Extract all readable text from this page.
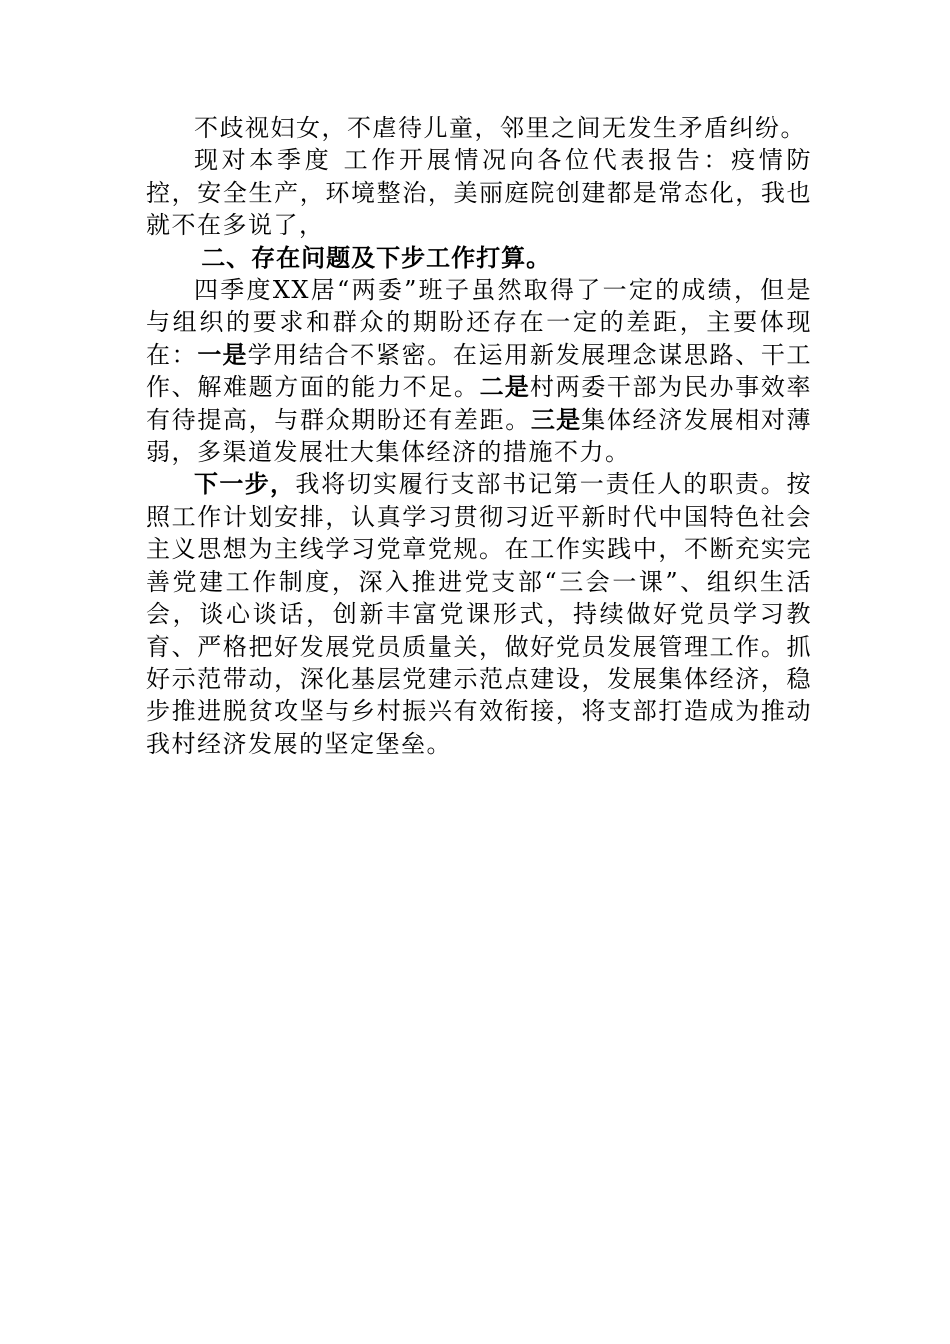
不歧视妇女，不虐待儿童，邻里之间无发生矛盾纠纷。

现对本季度 工作开展情况向各位代表报告：疫情防控，安全生产，环境整治，美丽庭院创建都是常态化，我也就不在多说了，

二、存在问题及下步工作打算。

四季度XX居“两委”班子虽然取得了一定的成绩，但是与组织的要求和群众的期盼还存在一定的差距，主要体现在：一是学用结合不紧密。在运用新发展理念谋思路、干工作、解难题方面的能力不足。二是村两委干部为民办事效率有待提高，与群众期盼还有差距。三是集体经济发展相对薄弱，多渠道发展壮大集体经济的措施不力。

下一步，我将切实履行支部书记第一责任人的职责。按照工作计划安排，认真学习贯彻习近平新时代中国特色社会主义思想为主线学习党章党规。在工作实践中，不断充实完善党建工作制度，深入推进党支部“三会一课”、组织生活会，谈心谈话，创新丰富党课形式，持续做好党员学习教育、严格把好发展党员质量关，做好党员发展管理工作。抓好示范带动，深化基层党建示范点建设，发展集体经济，稳步推进脱贫攻坚与乡村振兴有效衔接，将支部打造成为推动我村经济发展的坚定堡垒。
